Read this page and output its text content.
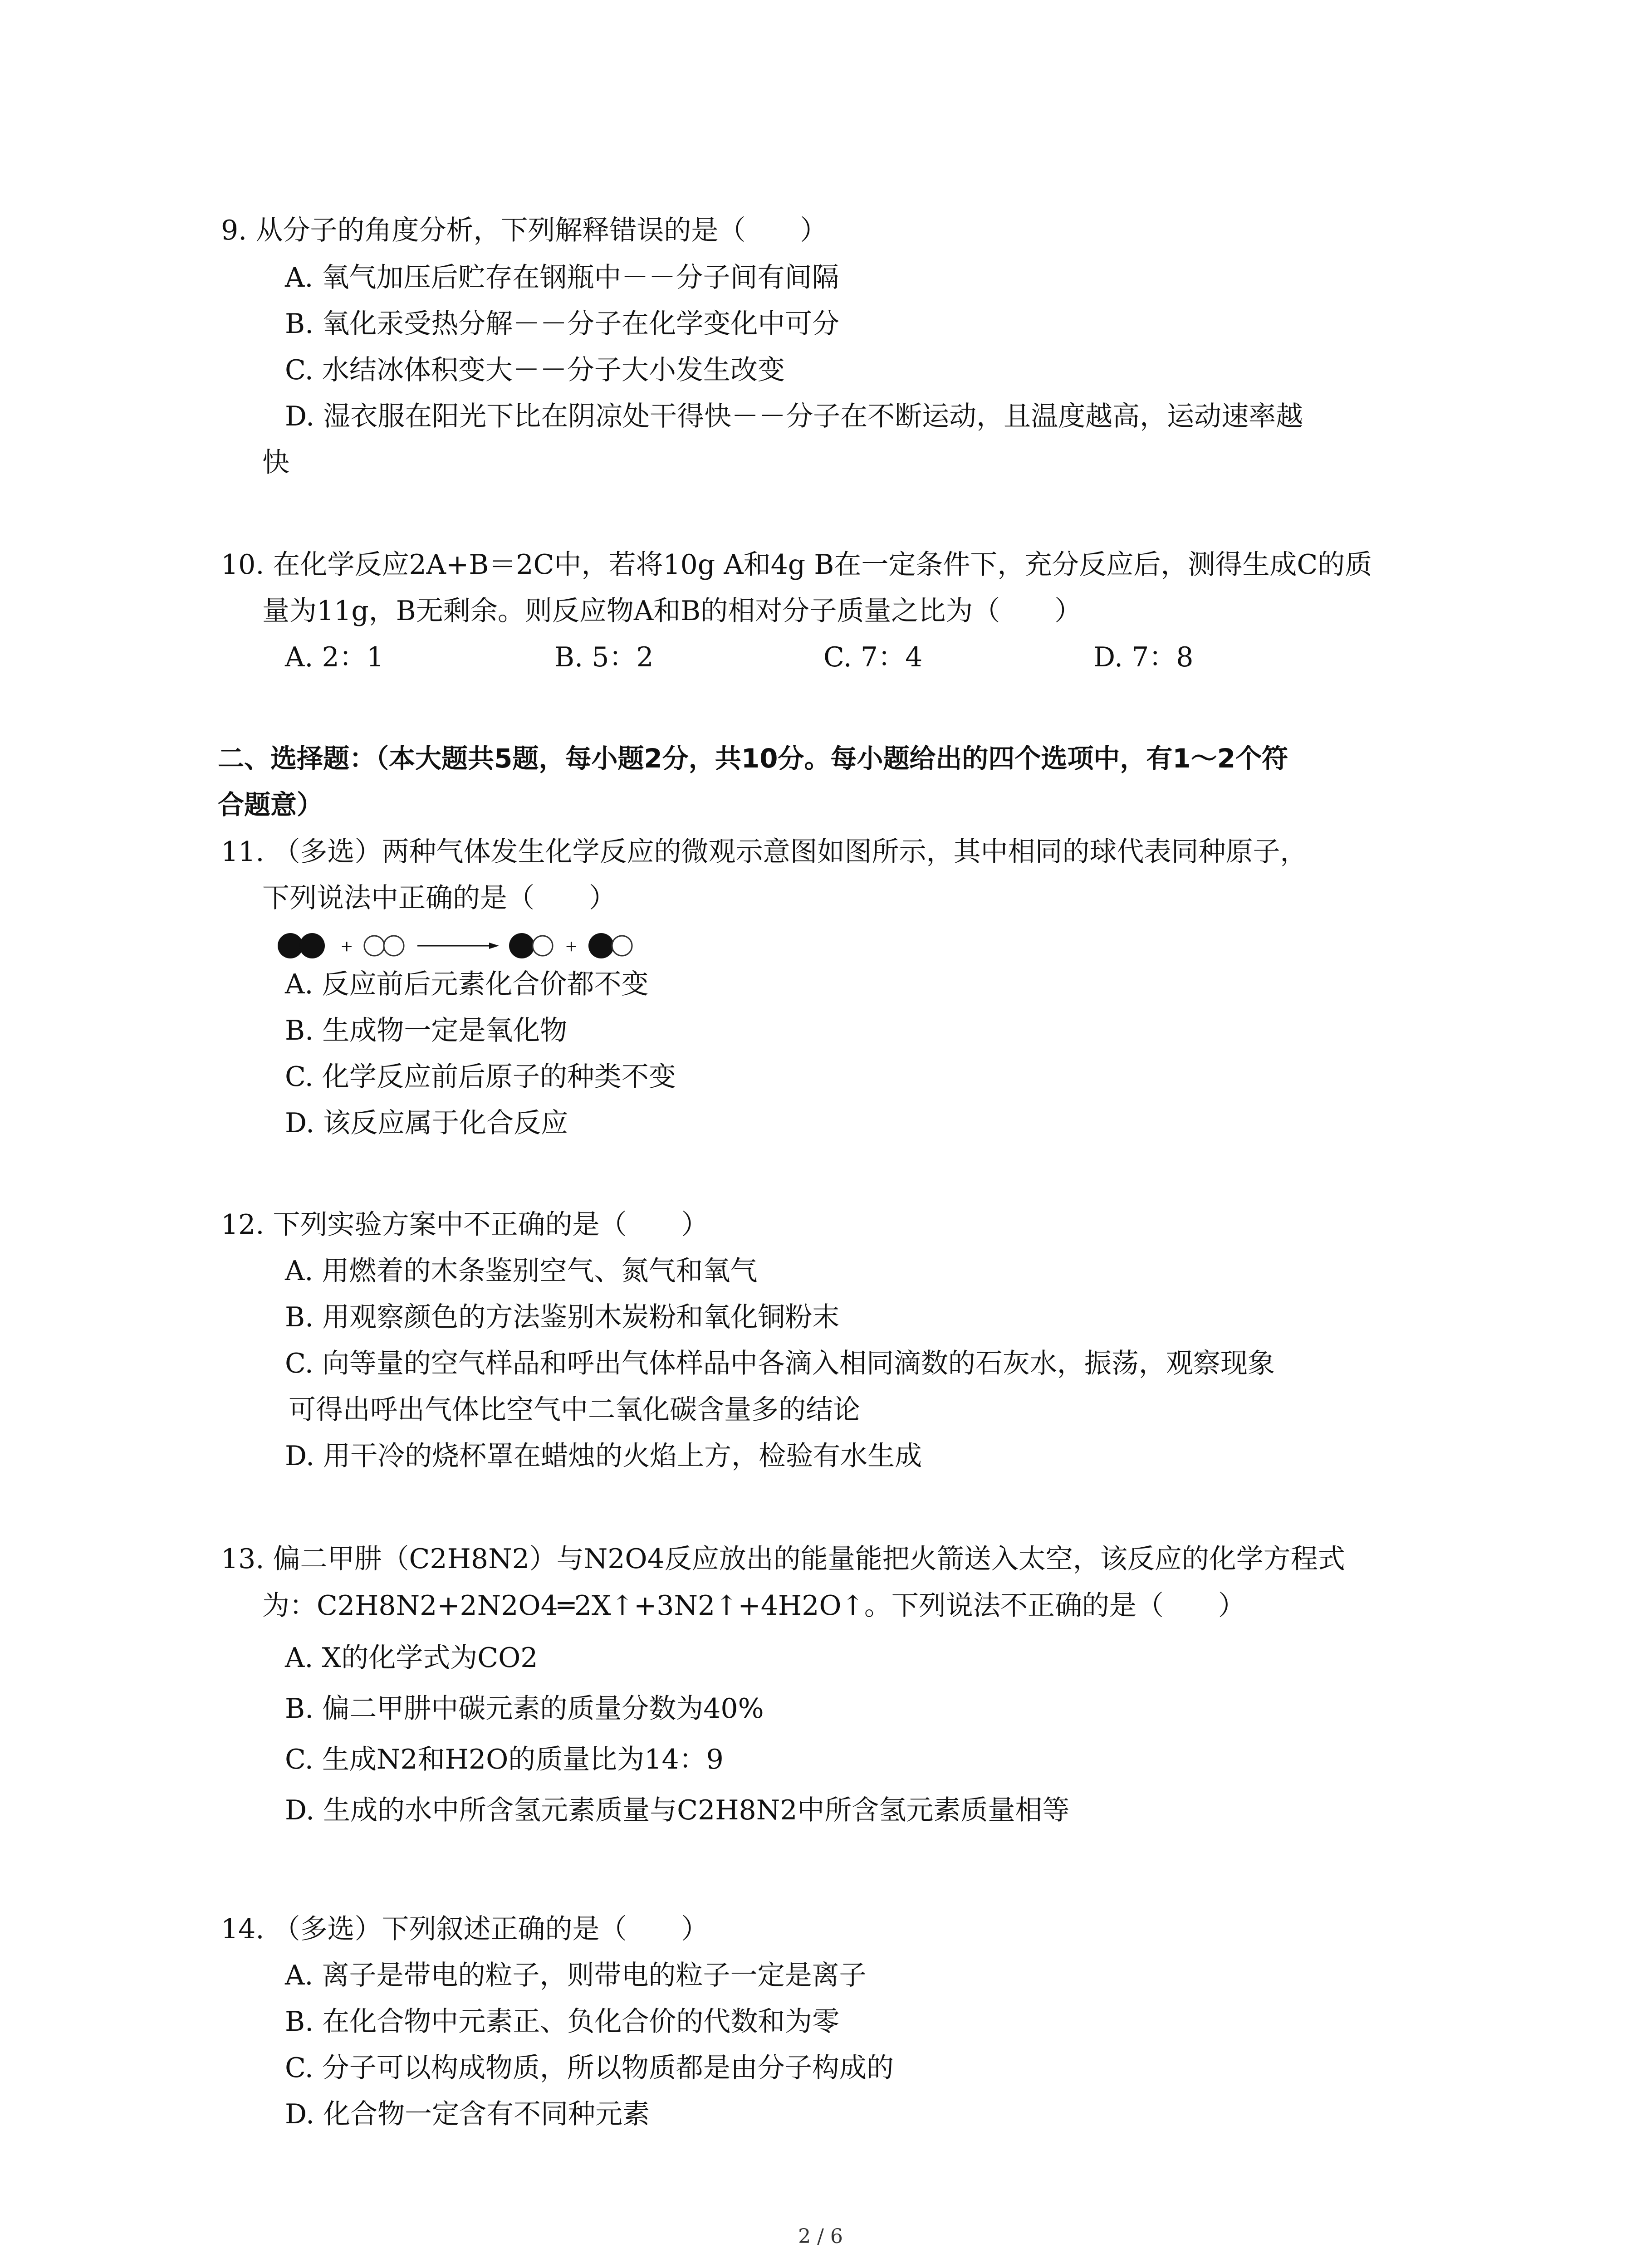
9. 从分子的角度分析，下列解释错误的是（　　）
A. 氧气加压后贮存在钢瓶中－－分子间有间隔
B. 氧化汞受热分解－－分子在化学变化中可分
C. 水结冰体积变大－－分子大小发生改变
D. 湿衣服在阳光下比在阴凉处干得快－－分子在不断运动，且温度越高，运动速率越
快
10. 在化学反应2A+B＝2C中，若将10g A和4g B在一定条件下，充分反应后，测得生成C的质
量为11g，B无剩余。则反应物A和B的相对分子质量之比为（　　）
A. 2：1	B. 5：2	C. 7：4	D. 7：8
二、选择题：（本大题共5题，每小题2分，共10分。每小题给出的四个选项中，有1～2个符
合题意）
11. （多选）两种气体发生化学反应的微观示意图如图所示，其中相同的球代表同种原子，
下列说法中正确的是（　　）
+	+
A. 反应前后元素化合价都不变
B. 生成物一定是氧化物
C. 化学反应前后原子的种类不变
D. 该反应属于化合反应
12. 下列实验方案中不正确的是（　　）
A. 用燃着的木条鉴别空气、氮气和氧气
B. 用观察颜色的方法鉴别木炭粉和氧化铜粉末
C. 向等量的空气样品和呼出气体样品中各滴入相同滴数的石灰水，振荡，观察现象
可得出呼出气体比空气中二氧化碳含量多的结论
D. 用干冷的烧杯罩在蜡烛的火焰上方，检验有水生成
13. 偏二甲肼（C2H8N2）与N2O4反应放出的能量能把火箭送入太空，该反应的化学方程式
为：C2H8N2+2N2O4═2X↑+3N2↑+4H2O↑。下列说法不正确的是（　　）
A. X的化学式为CO2
B. 偏二甲肼中碳元素的质量分数为40%
C. 生成N2和H2O的质量比为14：9
D. 生成的水中所含氢元素质量与C2H8N2中所含氢元素质量相等
14. （多选）下列叙述正确的是（　　）
A. 离子是带电的粒子，则带电的粒子一定是离子
B. 在化合物中元素正、负化合价的代数和为零
C. 分子可以构成物质，所以物质都是由分子构成的
D. 化合物一定含有不同种元素
2 / 6
